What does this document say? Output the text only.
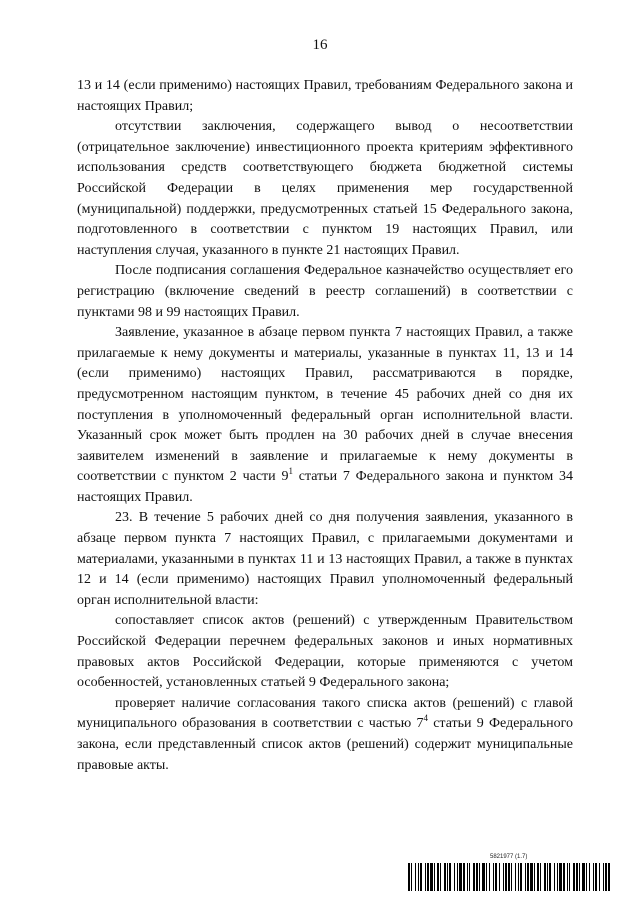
16

13 и 14 (если применимо) настоящих Правил, требованиям Федерального закона и настоящих Правил;

отсутствии заключения, содержащего вывод о несоответствии (отрицательное заключение) инвестиционного проекта критериям эффективного использования средств соответствующего бюджета бюджетной системы Российской Федерации в целях применения мер государственной (муниципальной) поддержки, предусмотренных статьей 15 Федерального закона, подготовленного в соответствии с пунктом 19 настоящих Правил, или наступления случая, указанного в пункте 21 настоящих Правил.

После подписания соглашения Федеральное казначейство осуществляет его регистрацию (включение сведений в реестр соглашений) в соответствии с пунктами 98 и 99 настоящих Правил.

Заявление, указанное в абзаце первом пункта 7 настоящих Правил, а также прилагаемые к нему документы и материалы, указанные в пунктах 11, 13 и 14 (если применимо) настоящих Правил, рассматриваются в порядке, предусмотренном настоящим пунктом, в течение 45 рабочих дней со дня их поступления в уполномоченный федеральный орган исполнительной власти. Указанный срок может быть продлен на 30 рабочих дней в случае внесения заявителем изменений в заявление и прилагаемые к нему документы в соответствии с пунктом 2 части $9^1$ статьи 7 Федерального закона и пунктом 34 настоящих Правил.

23. В течение 5 рабочих дней со дня получения заявления, указанного в абзаце первом пункта 7 настоящих Правил, с прилагаемыми документами и материалами, указанными в пунктах 11 и 13 настоящих Правил, а также в пунктах 12 и 14 (если применимо) настоящих Правил уполномоченный федеральный орган исполнительной власти:

сопоставляет список актов (решений) с утвержденным Правительством Российской Федерации перечнем федеральных законов и иных нормативных правовых актов Российской Федерации, которые применяются с учетом особенностей, установленных статьей 9 Федерального закона;

проверяет наличие согласования такого списка актов (решений) с главой муниципального образования в соответствии с частью $7^4$ статьи 9 Федерального закона, если представленный список актов (решений) содержит муниципальные правовые акты.

5821977 (1.7)
